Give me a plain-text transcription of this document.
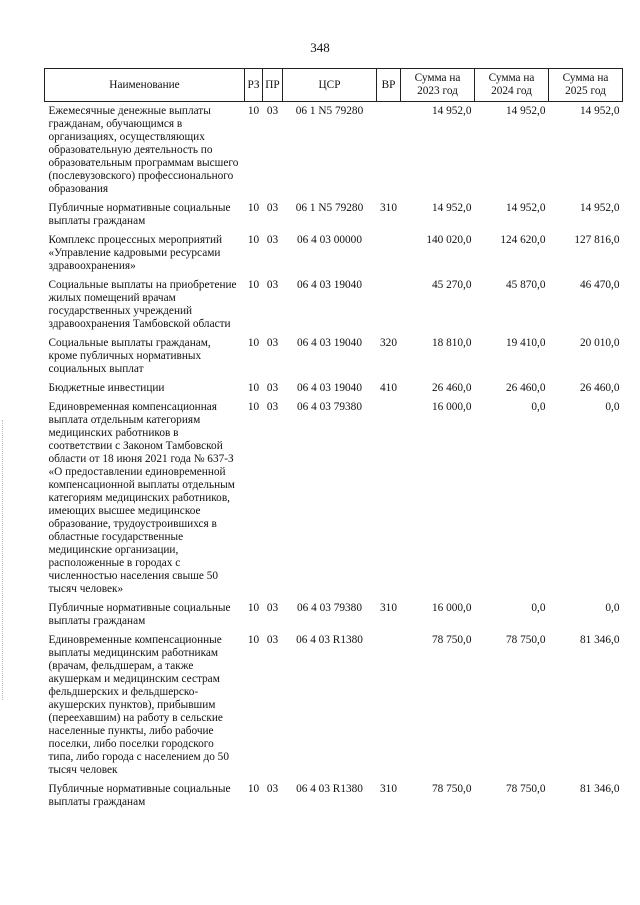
348
Наименование	РЗ	ПР	ЦСР	ВР	Сумма на 2023 год	Сумма на 2024 год	Сумма на 2025 год
Ежемесячные денежные выплаты гражданам, обучающимся в организациях, осуществляющих образовательную деятельность по образовательным программам высшего (послевузовского) профессионального образования	10	03	06 1 N5 79280		14 952,0	14 952,0	14 952,0
Публичные нормативные социальные выплаты гражданам	10	03	06 1 N5 79280	310	14 952,0	14 952,0	14 952,0
Комплекс процессных мероприятий «Управление кадровыми ресурсами здравоохранения»	10	03	06 4 03 00000		140 020,0	124 620,0	127 816,0
Социальные выплаты на приобретение жилых помещений врачам государственных учреждений здравоохранения Тамбовской области	10	03	06 4 03 19040		45 270,0	45 870,0	46 470,0
Социальные выплаты гражданам, кроме публичных нормативных социальных выплат	10	03	06 4 03 19040	320	18 810,0	19 410,0	20 010,0
Бюджетные инвестиции	10	03	06 4 03 19040	410	26 460,0	26 460,0	26 460,0
Единовременная компенсационная выплата отдельным категориям медицинских работников в соответствии с Законом Тамбовской области от 18 июня 2021 года № 637-З «О предоставлении единовременной компенсационной выплаты отдельным категориям медицинских работников, имеющих высшее медицинское образование, трудоустроившихся в областные государственные медицинские организации, расположенные в городах с численностью населения свыше 50 тысяч человек»	10	03	06 4 03 79380		16 000,0	0,0	0,0
Публичные нормативные социальные выплаты гражданам	10	03	06 4 03 79380	310	16 000,0	0,0	0,0
Единовременные компенсационные выплаты медицинским работникам (врачам, фельдшерам, а также акушеркам и медицинским сестрам фельдшерских и фельдшерско-акушерских пунктов), прибывшим (переехавшим) на работу в сельские населенные пункты, либо рабочие поселки, либо поселки городского типа, либо города с населением до 50 тысяч человек	10	03	06 4 03 R1380		78 750,0	78 750,0	81 346,0
Публичные нормативные социальные выплаты гражданам	10	03	06 4 03 R1380	310	78 750,0	78 750,0	81 346,0
